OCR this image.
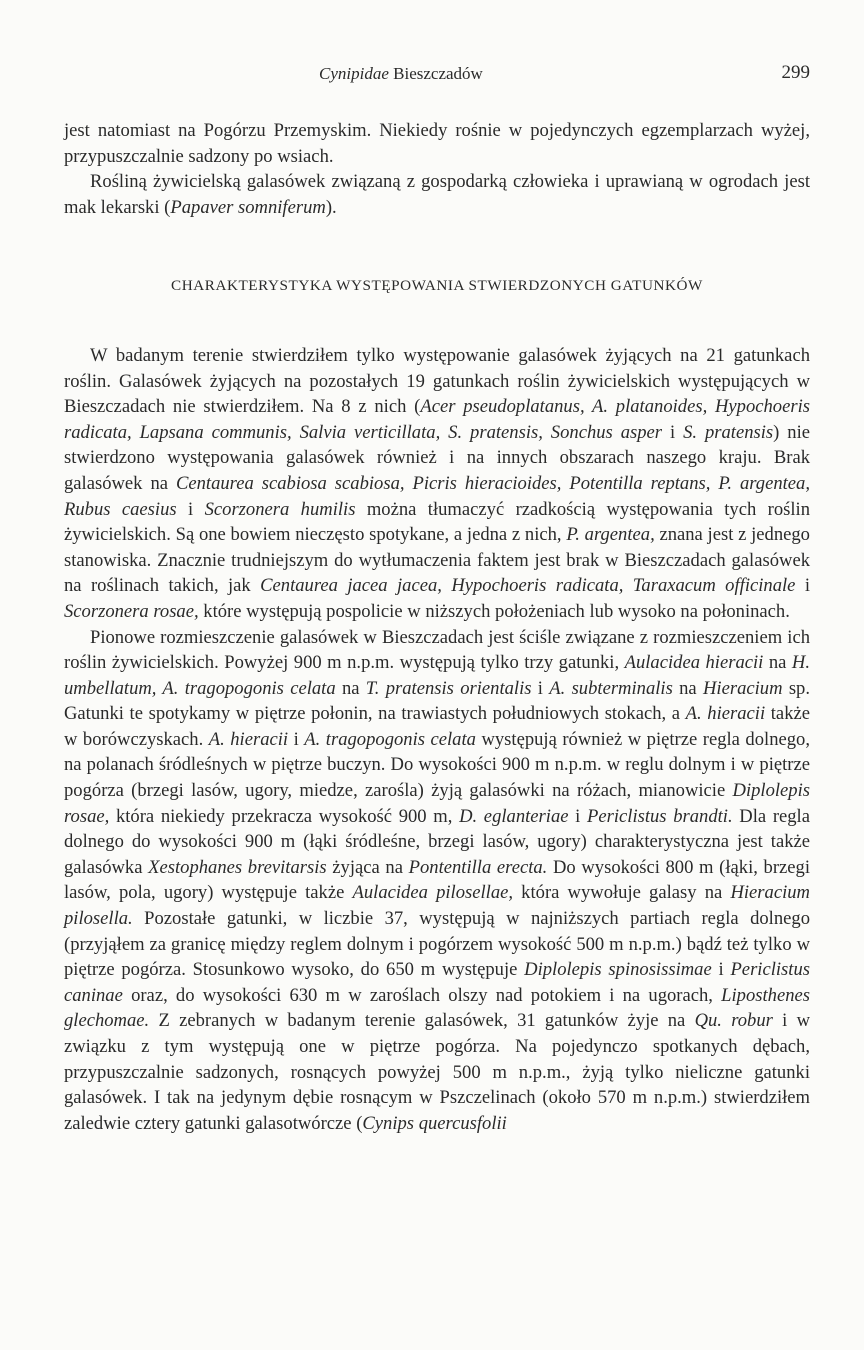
Cynipidae Bieszczadów	299

jest natomiast na Pogórzu Przemyskim. Niekiedy rośnie w pojedynczych egzemplarzach wyżej, przypuszczalnie sadzony po wsiach.

Rośliną żywicielską galasówek związaną z gospodarką człowieka i uprawianą w ogrodach jest mak lekarski (Papaver somniferum).

CHARAKTERYSTYKA WYSTĘPOWANIA STWIERDZONYCH GATUNKÓW

W badanym terenie stwierdziłem tylko występowanie galasówek żyjących na 21 gatunkach roślin. Galasówek żyjących na pozostałych 19 gatunkach roślin żywicielskich występujących w Bieszczadach nie stwierdziłem. Na 8 z nich (Acer pseudoplatanus, A. platanoides, Hypochoeris radicata, Lapsana communis, Salvia verticillata, S. pratensis, Sonchus asper i S. pratensis) nie stwierdzono występowania galasówek również i na innych obszarach naszego kraju. Brak galasówek na Centaurea scabiosa scabiosa, Picris hieracioides, Potentilla reptans, P. argentea, Rubus caesius i Scorzonera humilis można tłumaczyć rzadkością występowania tych roślin żywicielskich. Są one bowiem nieczęsto spotykane, a jedna z nich, P. argentea, znana jest z jednego stanowiska. Znacznie trudniejszym do wytłumaczenia faktem jest brak w Bieszczadach galasówek na roślinach takich, jak Centaurea jacea jacea, Hypochoeris radicata, Taraxacum officinale i Scorzonera rosae, które występują pospolicie w niższych położeniach lub wysoko na połoninach.

Pionowe rozmieszczenie galasówek w Bieszczadach jest ściśle związane z rozmieszczeniem ich roślin żywicielskich. Powyżej 900 m n.p.m. występują tylko trzy gatunki, Aulacidea hieracii na H. umbellatum, A. tragopogonis celata na T. pratensis orientalis i A. subterminalis na Hieracium sp. Gatunki te spotykamy w piętrze połonin, na trawiastych południowych stokach, a A. hieracii także w borówczyskach. A. hieracii i A. tragopogonis celata występują również w piętrze regla dolnego, na polanach śródleśnych w piętrze buczyn. Do wysokości 900 m n.p.m. w reglu dolnym i w piętrze pogórza (brzegi lasów, ugory, miedze, zarośla) żyją galasówki na różach, mianowicie Diplolepis rosae, która niekiedy przekracza wysokość 900 m, D. eglanteriae i Periclistus brandti. Dla regla dolnego do wysokości 900 m (łąki śródleśne, brzegi lasów, ugory) charakterystyczna jest także galasówka Xestophanes brevitarsis żyjąca na Pontentilla erecta. Do wysokości 800 m (łąki, brzegi lasów, pola, ugory) występuje także Aulacidea pilosellae, która wywołuje galasy na Hieracium pilosella. Pozostałe gatunki, w liczbie 37, występują w najniższych partiach regla dolnego (przyjąłem za granicę między reglem dolnym i pogórzem wysokość 500 m n.p.m.) bądź też tylko w piętrze pogórza. Stosunkowo wysoko, do 650 m występuje Diplolepis spinosissimae i Periclistus caninae oraz, do wysokości 630 m w zaroślach olszy nad potokiem i na ugorach, Liposthenes glechomae. Z zebranych w badanym terenie galasówek, 31 gatunków żyje na Qu. robur i w związku z tym występują one w piętrze pogórza. Na pojedynczo spotkanych dębach, przypuszczalnie sadzonych, rosnących powyżej 500 m n.p.m., żyją tylko nieliczne gatunki galasówek. I tak na jedynym dębie rosnącym w Pszczelinach (około 570 m n.p.m.) stwierdziłem zaledwie cztery gatunki galasotwórcze (Cynips quercusfolii
